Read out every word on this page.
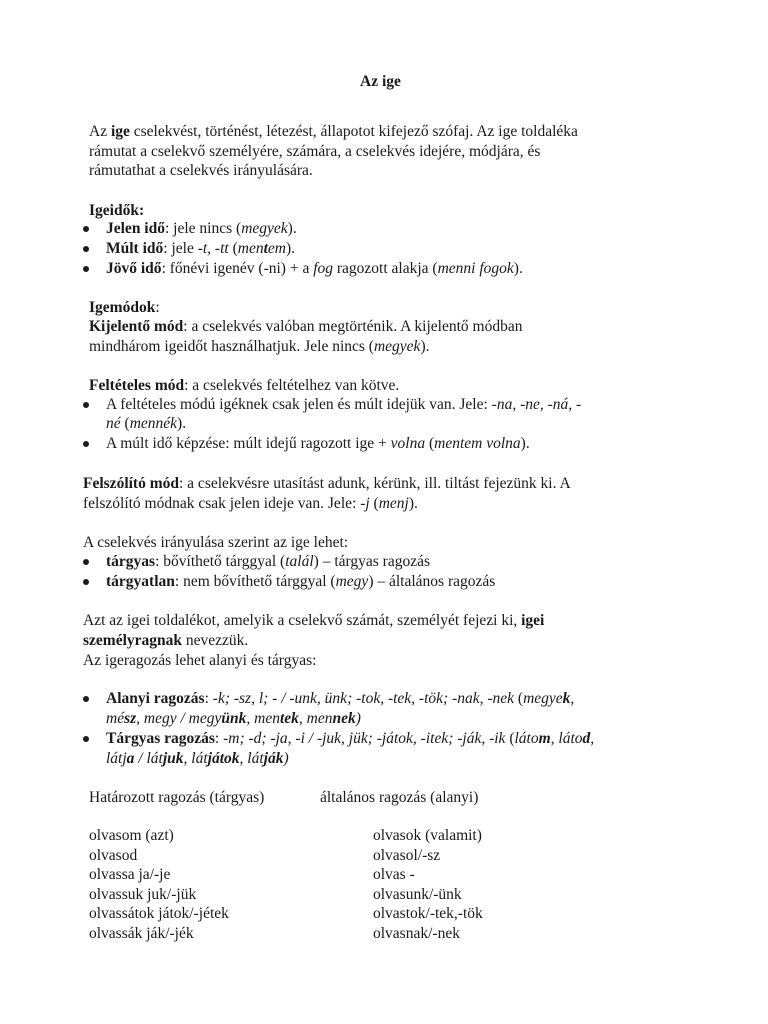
Az ige
Az ige cselekvést, történést, létezést, állapotot kifejező szófaj. Az ige toldaléka
rámutat a cselekvő személyére, számára, a cselekvés idejére, módjára, és
rámutathat a cselekvés irányulására.
Igeidők:
Jelen idő: jele nincs (megyek).
Múlt idő: jele -t, -tt (mentem).
Jövő idő: főnévi igenév (-ni) + a fog ragozott alakja (menni fogok).
Igemódok:
Kijelentő mód: a cselekvés valóban megtörténik. A kijelentő módban
mindhárom igeidőt használhatjuk. Jele nincs (megyek).
Feltételes mód: a cselekvés feltételhez van kötve.
A feltételes módú igéknek csak jelen és múlt idejük van. Jele: -na, -ne, -ná, -
né (mennék).
A múlt idő képzése: múlt idejű ragozott ige + volna (mentem volna).
Felszólító mód: a cselekvésre utasítást adunk, kérünk, ill. tiltást fejezünk ki. A
felszólító módnak csak jelen ideje van. Jele: -j (menj).
A cselekvés irányulása szerint az ige lehet:
tárgyas: bővíthető tárggyal (talál) – tárgyas ragozás
tárgyatlan: nem bővíthető tárggyal (megy) – általános ragozás
Azt az igei toldalékot, amelyik a cselekvő számát, személyét fejezi ki, igei
személyragnak nevezzük.
Az igeragozás lehet alanyi és tárgyas:
Alanyi ragozás: -k; -sz, l; - / -unk, ünk; -tok, -tek, -tök; -nak, -nek (megyek,
mész, megy / megyünk, mentek, mennek)
Tárgyas ragozás: -m; -d; -ja, -i / -juk, jük; -játok, -itek; -ják, -ik (látom, látod,
látja / látjuk, látjátok, látják)
Határozott ragozás (tárgyas)	általános ragozás (alanyi)
olvasom (azt)
olvasod
olvassa ja/-je
olvassuk juk/-jük
olvassátok játok/-jétek
olvassák ják/-jék
olvasok (valamit)
olvasol/-sz
olvas -
olvasunk/-ünk
olvastok/-tek,-tök
olvasnak/-nek
